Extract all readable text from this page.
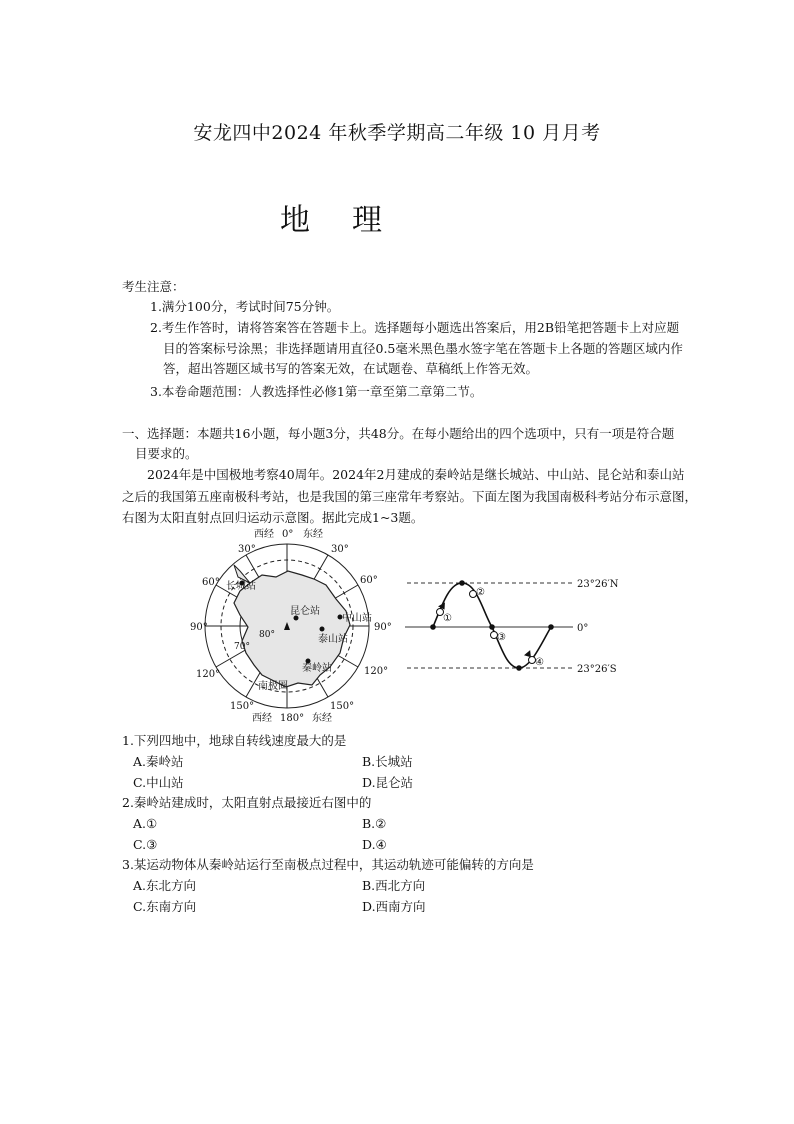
安龙四中2024 年秋季学期高二年级 10 月月考
地理
考生注意：
1.满分100分，考试时间75分钟。
2.考生作答时，请将答案答在答题卡上。选择题每小题选出答案后，用2B铅笔把答题卡上对应题
目的答案标号涂黑；非选择题请用直径0.5毫米黑色墨水签字笔在答题卡上各题的答题区域内作
答，超出答题区域书写的答案无效，在试题卷、草稿纸上作答无效。
3.本卷命题范围：人教选择性必修1第一章至第二章第二节。
一、选择题：本题共16小题，每小题3分，共48分。在每小题给出的四个选项中，只有一项是符合题
目要求的。
2024年是中国极地考察40周年。2024年2月建成的秦岭站是继长城站、中山站、昆仑站和泰山站
之后的我国第五座南极科考站，也是我国的第三座常年考察站。下面左图为我国南极科考站分布示意图，
右图为太阳直射点回归运动示意图。据此完成1~3题。
西经 0° 东经
30°	30°
60°	60°
90°	90°
120°	120°
150°	150°
西经 180° 东经
80°
70°
长城站
昆仑站
中山站
泰山站
秦岭站
南极圈
①
②
③
④
23°26′N
0°
23°26′S
1.下列四地中，地球自转线速度最大的是
A.秦岭站	B.长城站
C.中山站	D.昆仑站
2.秦岭站建成时，太阳直射点最接近右图中的
A.①	B.②
C.③	D.④
3.某运动物体从秦岭站运行至南极点过程中，其运动轨迹可能偏转的方向是
A.东北方向	B.西北方向
C.东南方向	D.西南方向
